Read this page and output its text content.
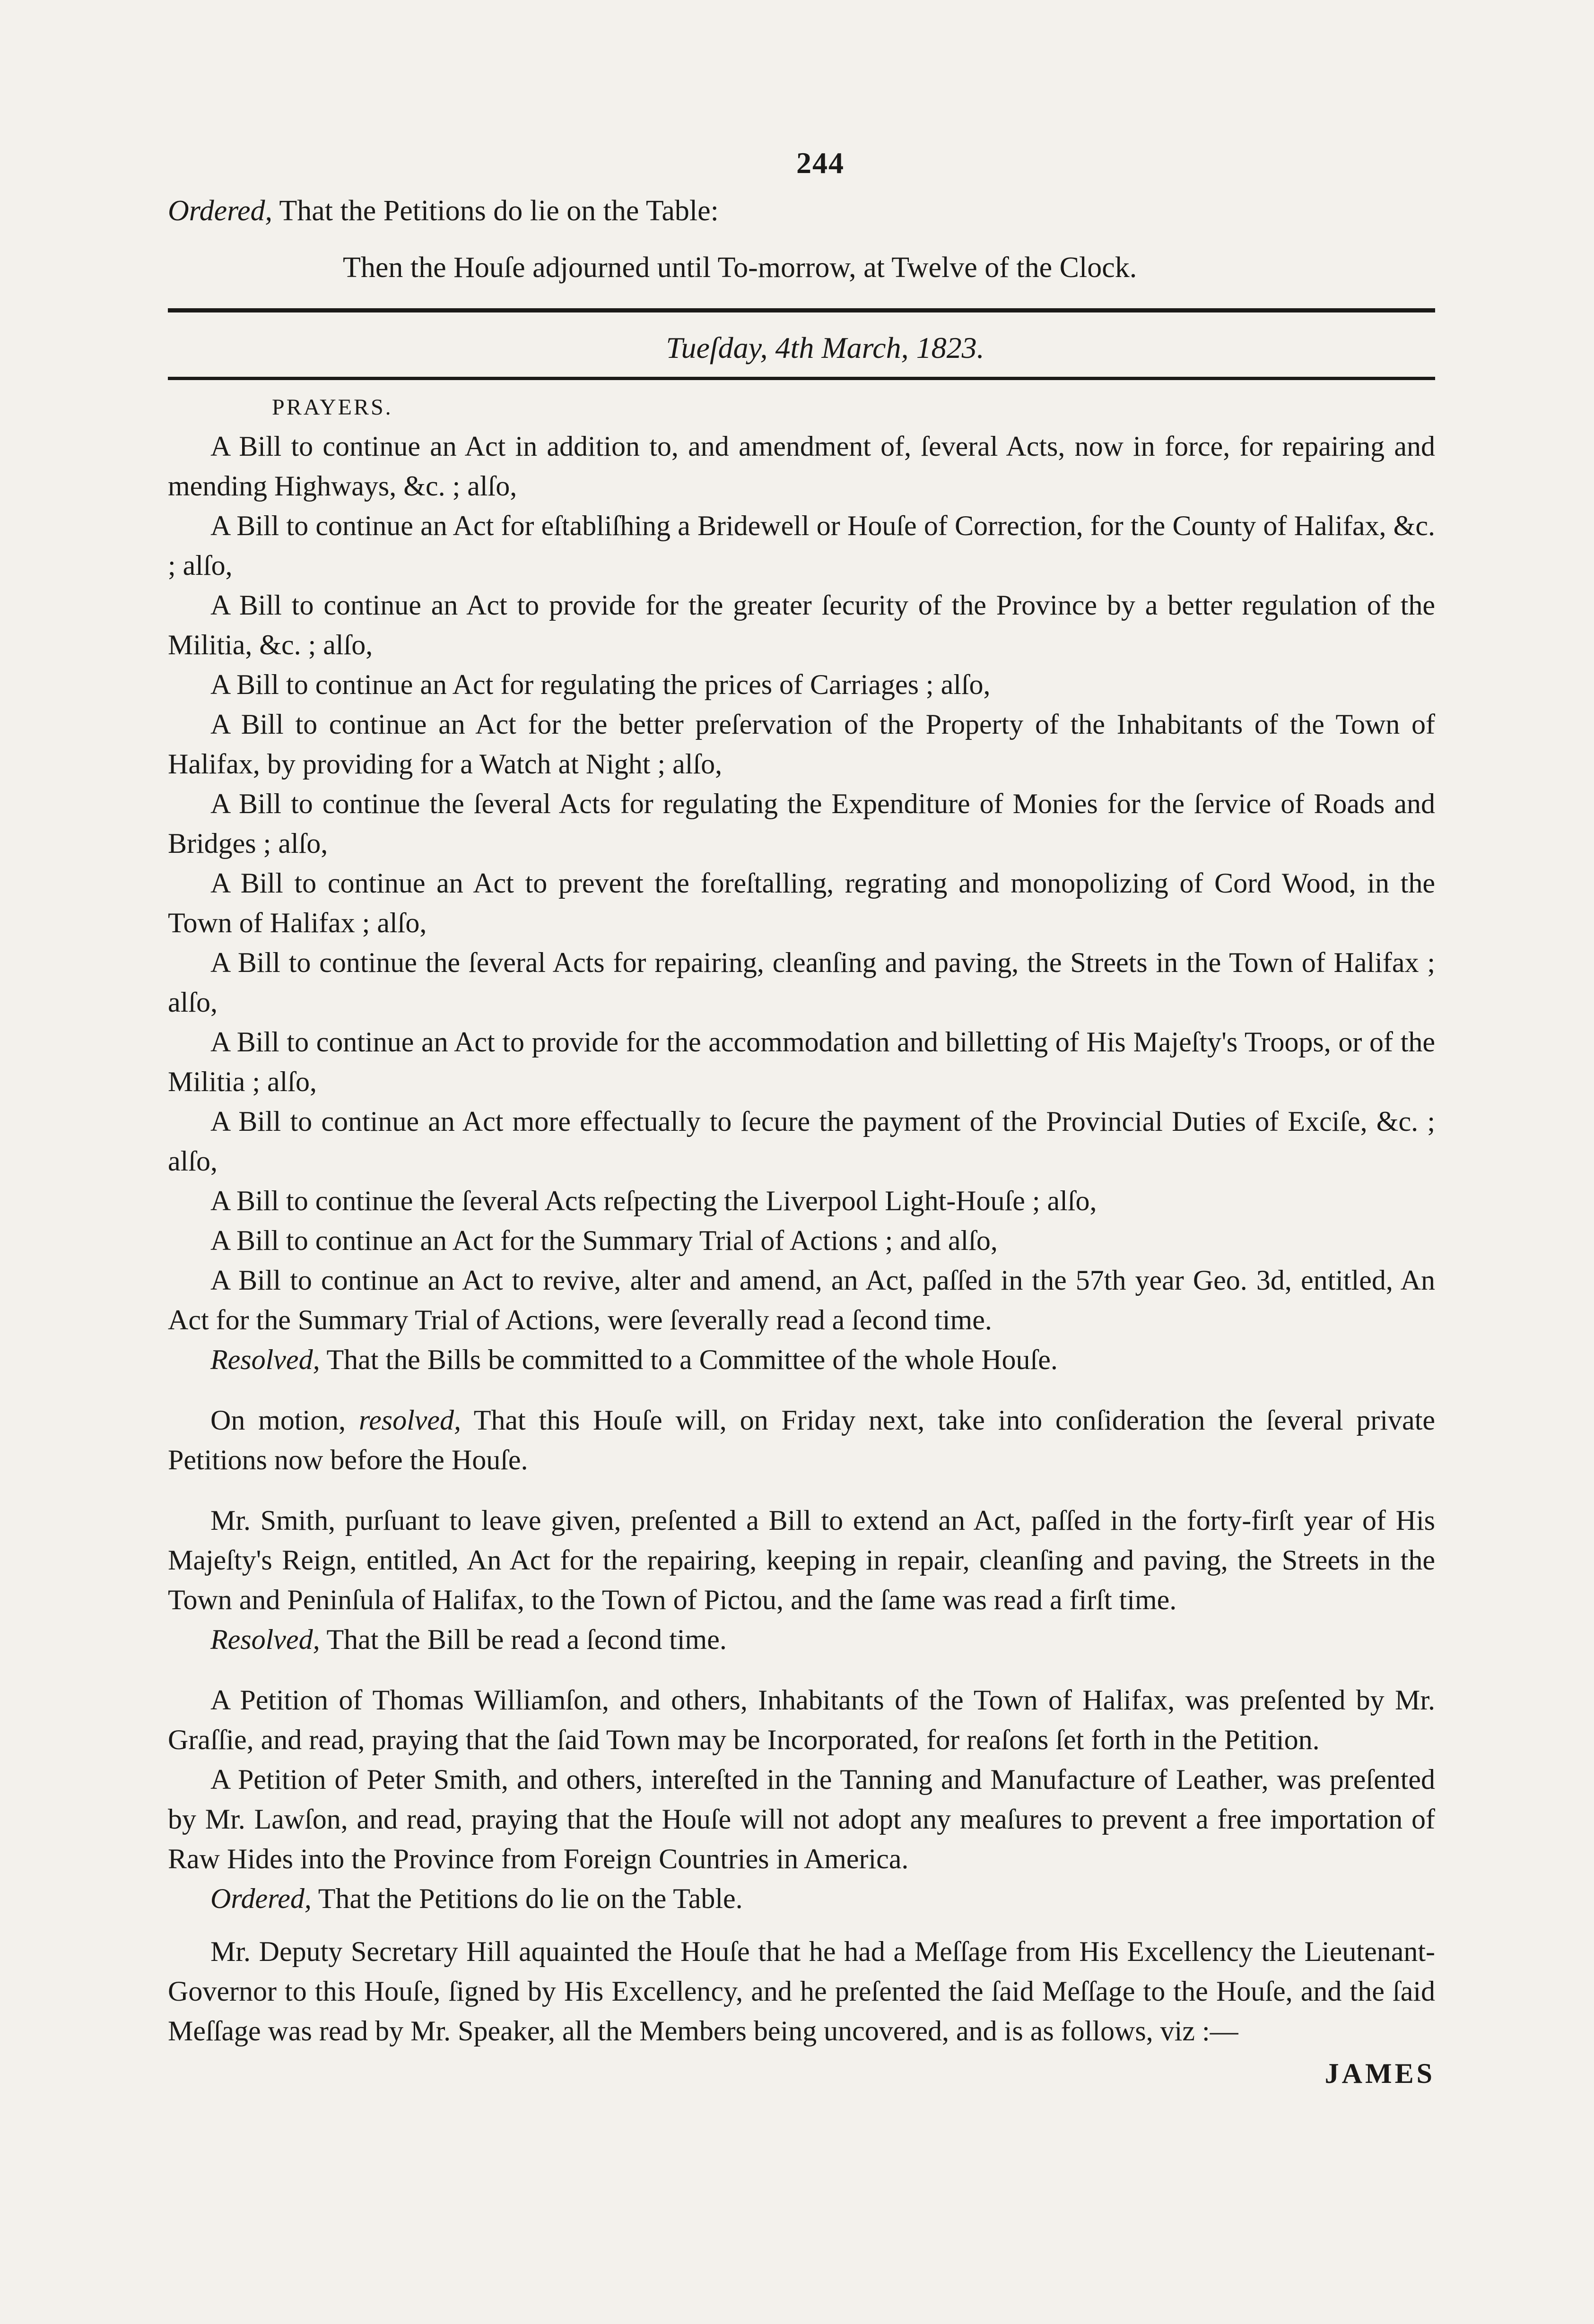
244
Ordered, That the Petitions do lie on the Table:
Then the Houſe adjourned until To-morrow, at Twelve of the Clock.
Tueſday, 4th March, 1823.
PRAYERS.

A Bill to continue an Act in addition to, and amendment of, ſeveral Acts, now in force, for repairing and mending Highways, &c. ; alſo,

A Bill to continue an Act for eſtabliſhing a Bridewell or Houſe of Correction, for the County of Halifax, &c. ; alſo,

A Bill to continue an Act to provide for the greater ſecurity of the Province by a better regulation of the Militia, &c. ; alſo,

A Bill to continue an Act for regulating the prices of Carriages ; alſo,

A Bill to continue an Act for the better preſervation of the Property of the Inhabitants of the Town of Halifax, by providing for a Watch at Night ; alſo,

A Bill to continue the ſeveral Acts for regulating the Expenditure of Monies for the ſervice of Roads and Bridges ; alſo,

A Bill to continue an Act to prevent the foreſtalling, regrating and monopolizing of Cord Wood, in the Town of Halifax ; alſo,

A Bill to continue the ſeveral Acts for repairing, cleanſing and paving, the Streets in the Town of Halifax ; alſo,

A Bill to continue an Act to provide for the accommodation and billetting of His Majeſty's Troops, or of the Militia ; alſo,

A Bill to continue an Act more effectually to ſecure the payment of the Provincial Duties of Exciſe, &c. ; alſo,

A Bill to continue the ſeveral Acts reſpecting the Liverpool Light-Houſe ; alſo,

A Bill to continue an Act for the Summary Trial of Actions ; and alſo,

A Bill to continue an Act to revive, alter and amend, an Act, paſſed in the 57th year Geo. 3d, entitled, An Act for the Summary Trial of Actions, were ſeverally read a ſecond time.

Resolved, That the Bills be committed to a Committee of the whole Houſe.

On motion, resolved, That this Houſe will, on Friday next, take into conſideration the ſeveral private Petitions now before the Houſe.

Mr. Smith, purſuant to leave given, preſented a Bill to extend an Act, paſſed in the forty-firſt year of His Majeſty's Reign, entitled, An Act for the repairing, keeping in repair, cleanſing and paving, the Streets in the Town and Peninſula of Halifax, to the Town of Pictou, and the ſame was read a firſt time.

Resolved, That the Bill be read a ſecond time.

A Petition of Thomas Williamſon, and others, Inhabitants of the Town of Halifax, was preſented by Mr. Graſſie, and read, praying that the ſaid Town may be Incorporated, for reaſons ſet forth in the Petition.

A Petition of Peter Smith, and others, intereſted in the Tanning and Manufacture of Leather, was preſented by Mr. Lawſon, and read, praying that the Houſe will not adopt any meaſures to prevent a free importation of Raw Hides into the Province from Foreign Countries in America.

Ordered, That the Petitions do lie on the Table.

Mr. Deputy Secretary Hill aquainted the Houſe that he had a Meſſage from His Excellency the Lieutenant-Governor to this Houſe, ſigned by His Excellency, and he preſented the ſaid Meſſage to the Houſe, and the ſaid Meſſage was read by Mr. Speaker, all the Members being uncovered, and is as follows, viz :—

JAMES
